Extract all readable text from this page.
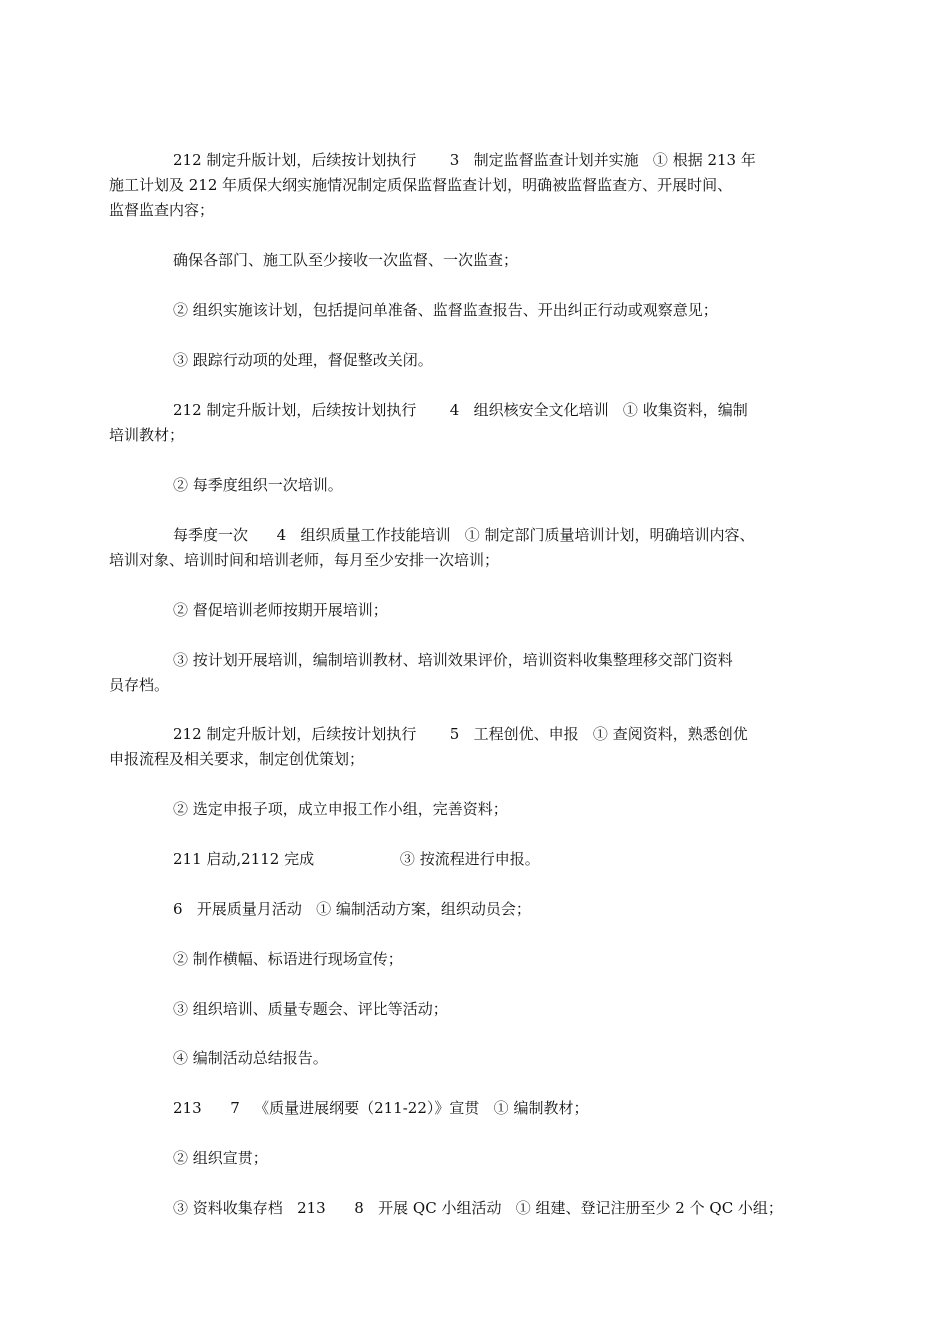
212 制定升版计划，后续按计划执行       3   制定监督监查计划并实施   ① 根据 213 年
施工计划及 212 年质保大纲实施情况制定质保监督监查计划，明确被监督监查方、开展时间、
监督监查内容；
确保各部门、施工队至少接收一次监督、一次监查；
② 组织实施该计划，包括提问单准备、监督监查报告、开出纠正行动或观察意见；
③ 跟踪行动项的处理，督促整改关闭。
212 制定升版计划，后续按计划执行       4   组织核安全文化培训   ① 收集资料，编制
培训教材；
② 每季度组织一次培训。
每季度一次      4   组织质量工作技能培训   ① 制定部门质量培训计划，明确培训内容、
培训对象、培训时间和培训老师，每月至少安排一次培训；
② 督促培训老师按期开展培训；
③ 按计划开展培训，编制培训教材、培训效果评价，培训资料收集整理移交部门资料
员存档。
212 制定升版计划，后续按计划执行       5   工程创优、申报   ① 查阅资料，熟悉创优
申报流程及相关要求，制定创优策划；
② 选定申报子项，成立申报工作小组，完善资料；
211 启动,2112 完成                  ③ 按流程进行申报。
6   开展质量月活动   ① 编制活动方案，组织动员会；
② 制作横幅、标语进行现场宣传；
③ 组织培训、质量专题会、评比等活动；
④ 编制活动总结报告。
213      7   《质量进展纲要（211-22）》宣贯   ① 编制教材；
② 组织宣贯；
③ 资料收集存档   213      8   开展 QC 小组活动   ① 组建、登记注册至少 2 个 QC 小组；
